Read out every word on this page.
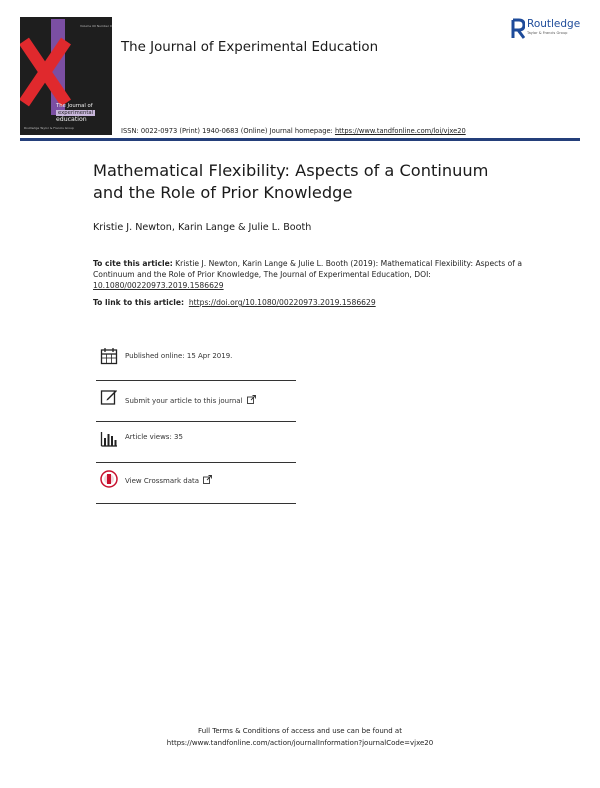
Volume 00 Number 0
The Journal of
experimental
education
Routledge Taylor & Francis Group
The Journal of Experimental Education
Routledge
Taylor & Francis Group
ISSN: 0022-0973 (Print) 1940-0683 (Online) Journal homepage: https://www.tandfonline.com/loi/vjxe20
Mathematical Flexibility: Aspects of a Continuum and the Role of Prior Knowledge
Kristie J. Newton, Karin Lange & Julie L. Booth
To cite this article: Kristie J. Newton, Karin Lange & Julie L. Booth (2019): Mathematical Flexibility: Aspects of a Continuum and the Role of Prior Knowledge, The Journal of Experimental Education, DOI: 10.1080/00220973.2019.1586629
To link to this article: https://doi.org/10.1080/00220973.2019.1586629
Published online: 15 Apr 2019.
Submit your article to this journal
Article views: 35
View Crossmark data
Full Terms & Conditions of access and use can be found at
https://www.tandfonline.com/action/journalInformation?journalCode=vjxe20
